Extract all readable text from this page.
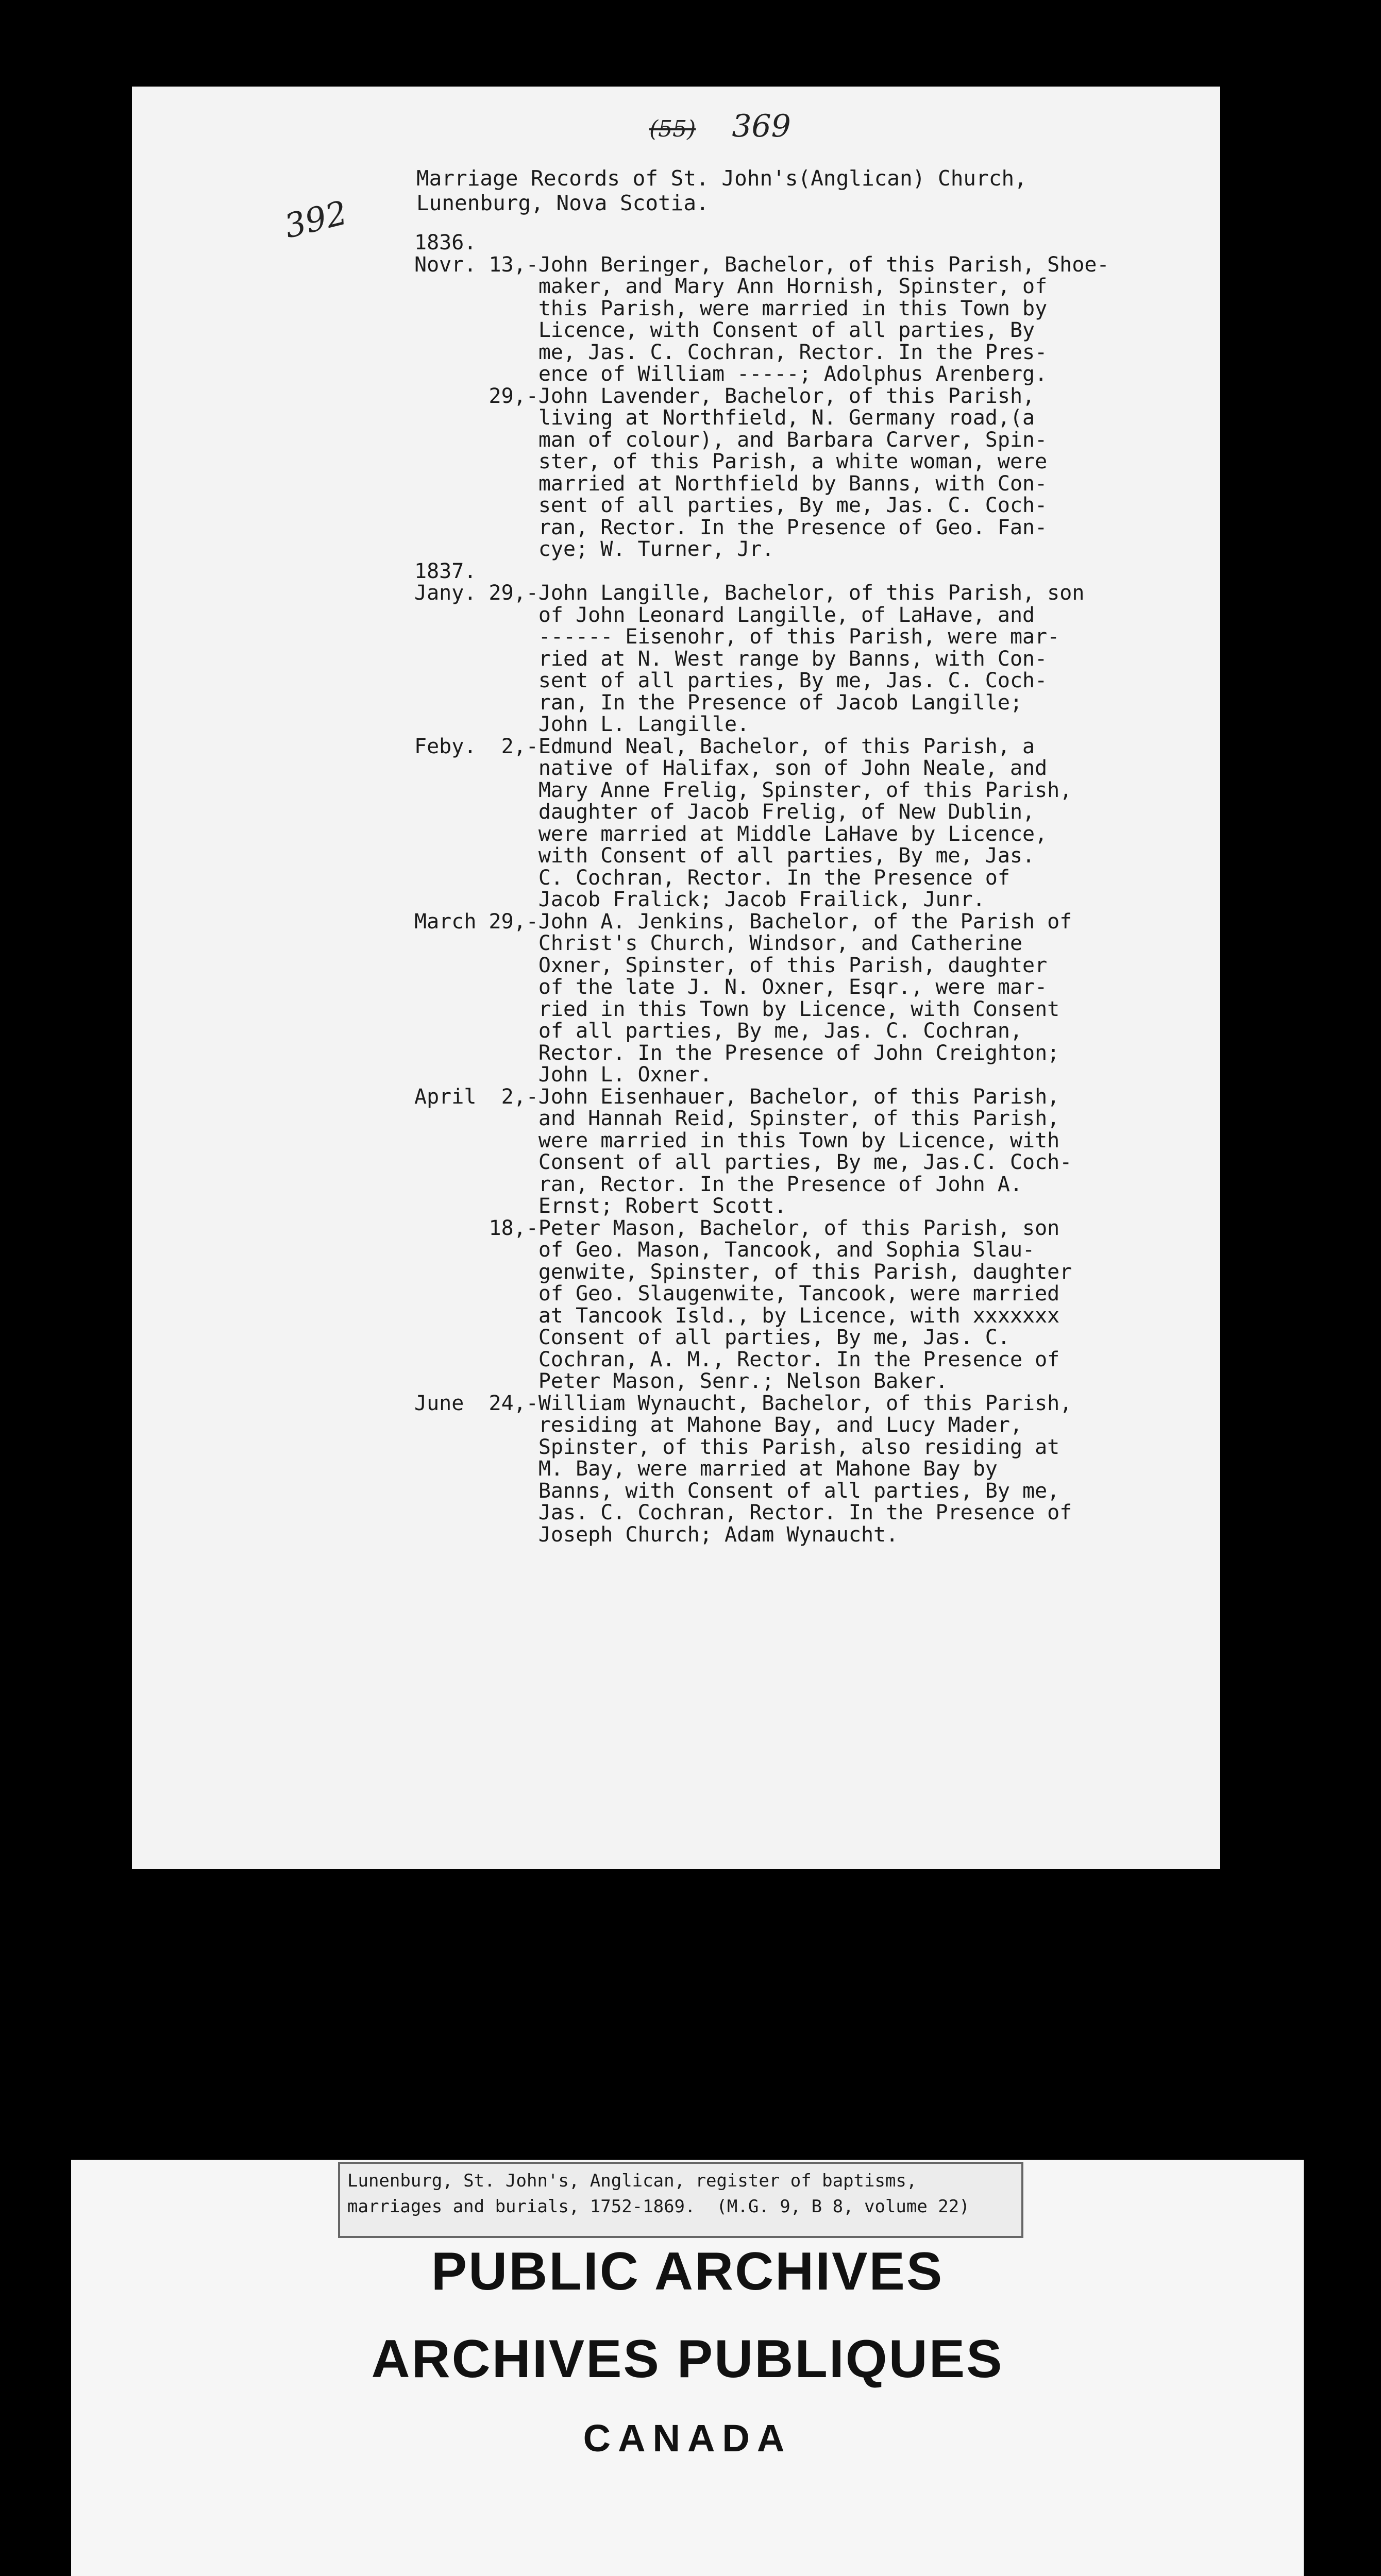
(55) 369
392
Marriage Records of St. John's(Anglican) Church,
Lunenburg, Nova Scotia.
1836.
Novr. 13,-John Beringer, Bachelor, of this Parish, Shoe-
maker, and Mary Ann Hornish, Spinster, of
this Parish, were married in this Town by
Licence, with Consent of all parties, By
me, Jas. C. Cochran, Rector. In the Pres-
ence of William -----; Adolphus Arenberg.
29,-John Lavender, Bachelor, of this Parish,
living at Northfield, N. Germany road,(a
man of colour), and Barbara Carver, Spin-
ster, of this Parish, a white woman, were
married at Northfield by Banns, with Con-
sent of all parties, By me, Jas. C. Coch-
ran, Rector. In the Presence of Geo. Fan-
cye; W. Turner, Jr.
1837.
Jany. 29,-John Langille, Bachelor, of this Parish, son
of John Leonard Langille, of LaHave, and
------ Eisenohr, of this Parish, were mar-
ried at N. West range by Banns, with Con-
sent of all parties, By me, Jas. C. Coch-
ran, In the Presence of Jacob Langille;
John L. Langille.
Feby.  2,-Edmund Neal, Bachelor, of this Parish, a
native of Halifax, son of John Neale, and
Mary Anne Frelig, Spinster, of this Parish,
daughter of Jacob Frelig, of New Dublin,
were married at Middle LaHave by Licence,
with Consent of all parties, By me, Jas.
C. Cochran, Rector. In the Presence of
Jacob Fralick; Jacob Frailick, Junr.
March 29,-John A. Jenkins, Bachelor, of the Parish of
Christ's Church, Windsor, and Catherine
Oxner, Spinster, of this Parish, daughter
of the late J. N. Oxner, Esqr., were mar-
ried in this Town by Licence, with Consent
of all parties, By me, Jas. C. Cochran,
Rector. In the Presence of John Creighton;
John L. Oxner.
April  2,-John Eisenhauer, Bachelor, of this Parish,
and Hannah Reid, Spinster, of this Parish,
were married in this Town by Licence, with
Consent of all parties, By me, Jas.C. Coch-
ran, Rector. In the Presence of John A.
Ernst; Robert Scott.
18,-Peter Mason, Bachelor, of this Parish, son
of Geo. Mason, Tancook, and Sophia Slau-
genwite, Spinster, of this Parish, daughter
of Geo. Slaugenwite, Tancook, were married
at Tancook Isld., by Licence, with xxxxxxx
Consent of all parties, By me, Jas. C.
Cochran, A. M., Rector. In the Presence of
Peter Mason, Senr.; Nelson Baker.
June  24,-William Wynaucht, Bachelor, of this Parish,
residing at Mahone Bay, and Lucy Mader,
Spinster, of this Parish, also residing at
M. Bay, were married at Mahone Bay by
Banns, with Consent of all parties, By me,
Jas. C. Cochran, Rector. In the Presence of
Joseph Church; Adam Wynaucht.
Lunenburg, St. John's, Anglican, register of baptisms,
marriages and burials, 1752-1869.  (M.G. 9, B 8, volume 22)
PUBLIC ARCHIVES
ARCHIVES PUBLIQUES
CANADA
